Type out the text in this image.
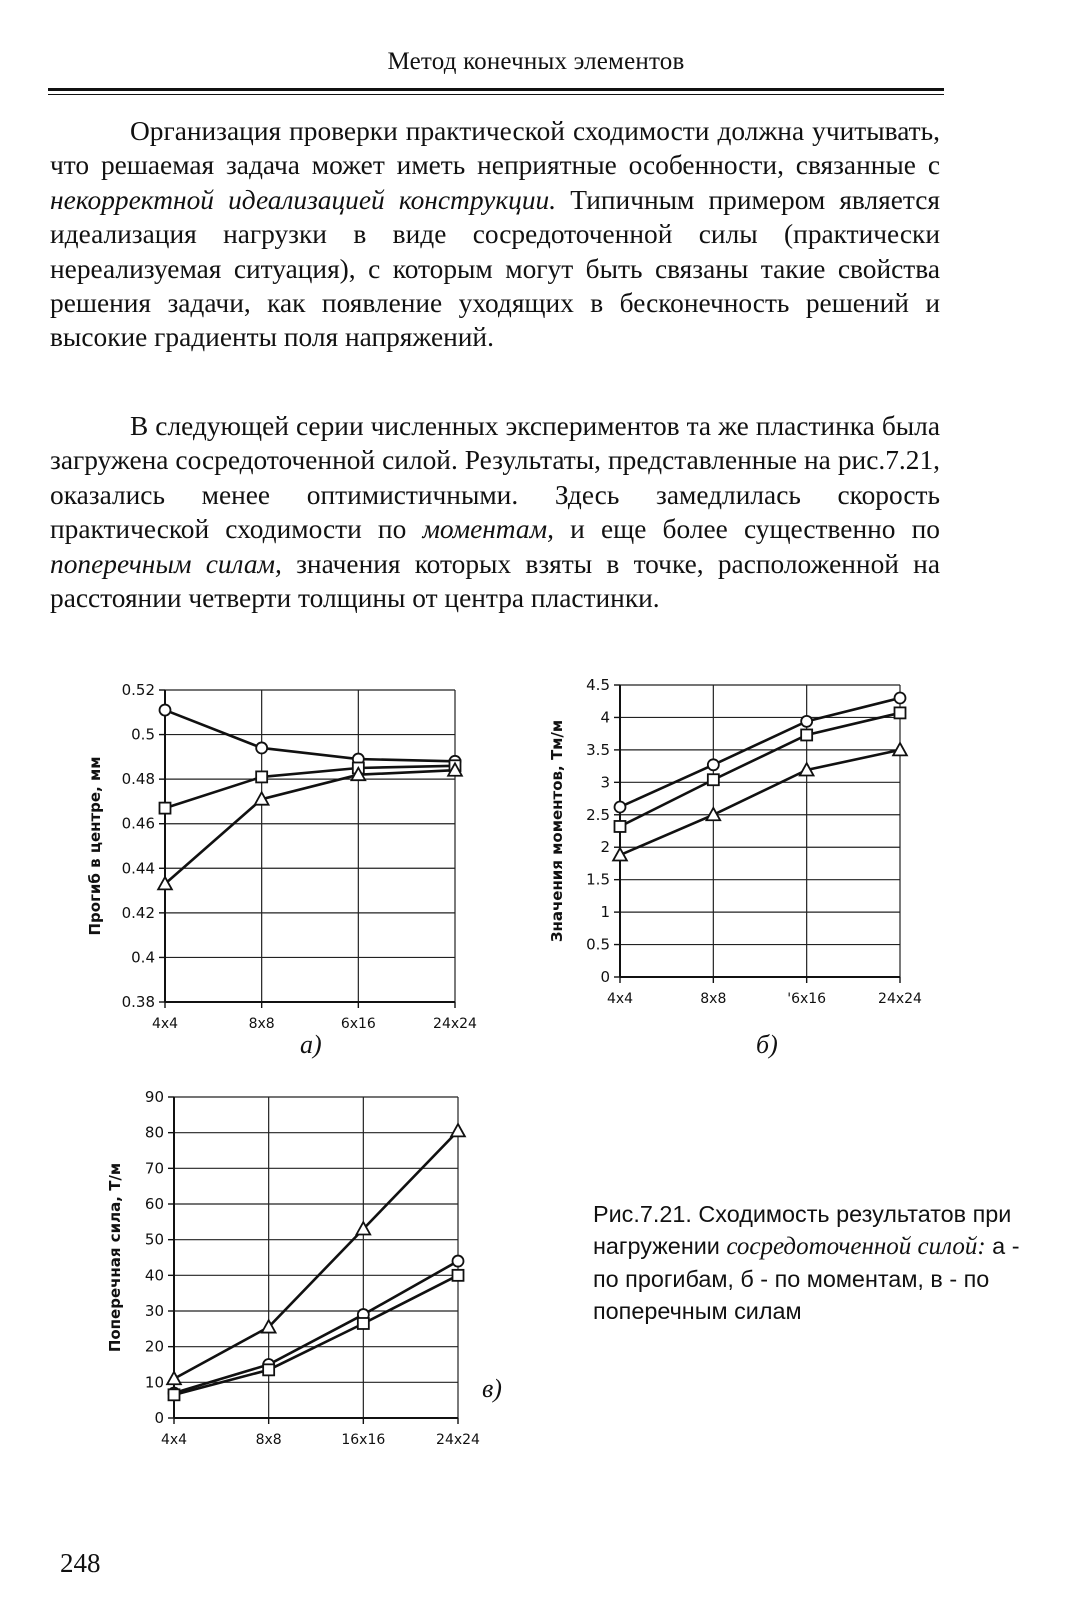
Метод конечных элементов

Организация проверки практической сходимости должна учитывать, что решаемая задача может иметь неприятные особенности, связанные с некорректной идеализацией конструкции. Типичным примером является идеализация нагрузки в виде сосредоточенной силы (практически нереализуемая ситуация), с которым могут быть связаны такие свойства решения задачи, как появление уходящих в бесконечность решений и высокие градиенты поля напряжений.

В следующей серии численных экспериментов та же пластинка была загружена сосредоточенной силой. Результаты, представленные на рис.7.21, оказались менее оптимистичными. Здесь замедлилась скорость практической сходимости по моментам, и еще более существенно по поперечным силам, значения которых взяты в точке, расположенной на расстоянии четверти толщины от центра пластинки.

0.38
0.4
0.42
0.44
0.46
0.48
0.5
0.52
4x4	8x8	6x16	24x24
Прогиб в центре, мм
a)
0
0.5
1
1.5
2
2.5
3
3.5
4
4.5
4x4	8x8	'6x16	24x24
Значения моментов, Тм/м
б)
0
10
20
30
40
50
60
70
80
90
4x4	8x8	16x16	24x24
Поперечная сила, Т/м
в)
Рис.7.21. Сходимость результатов при нагружении сосредоточенной силой: а - по прогибам, б - по моментам, в - по поперечным силам
248
